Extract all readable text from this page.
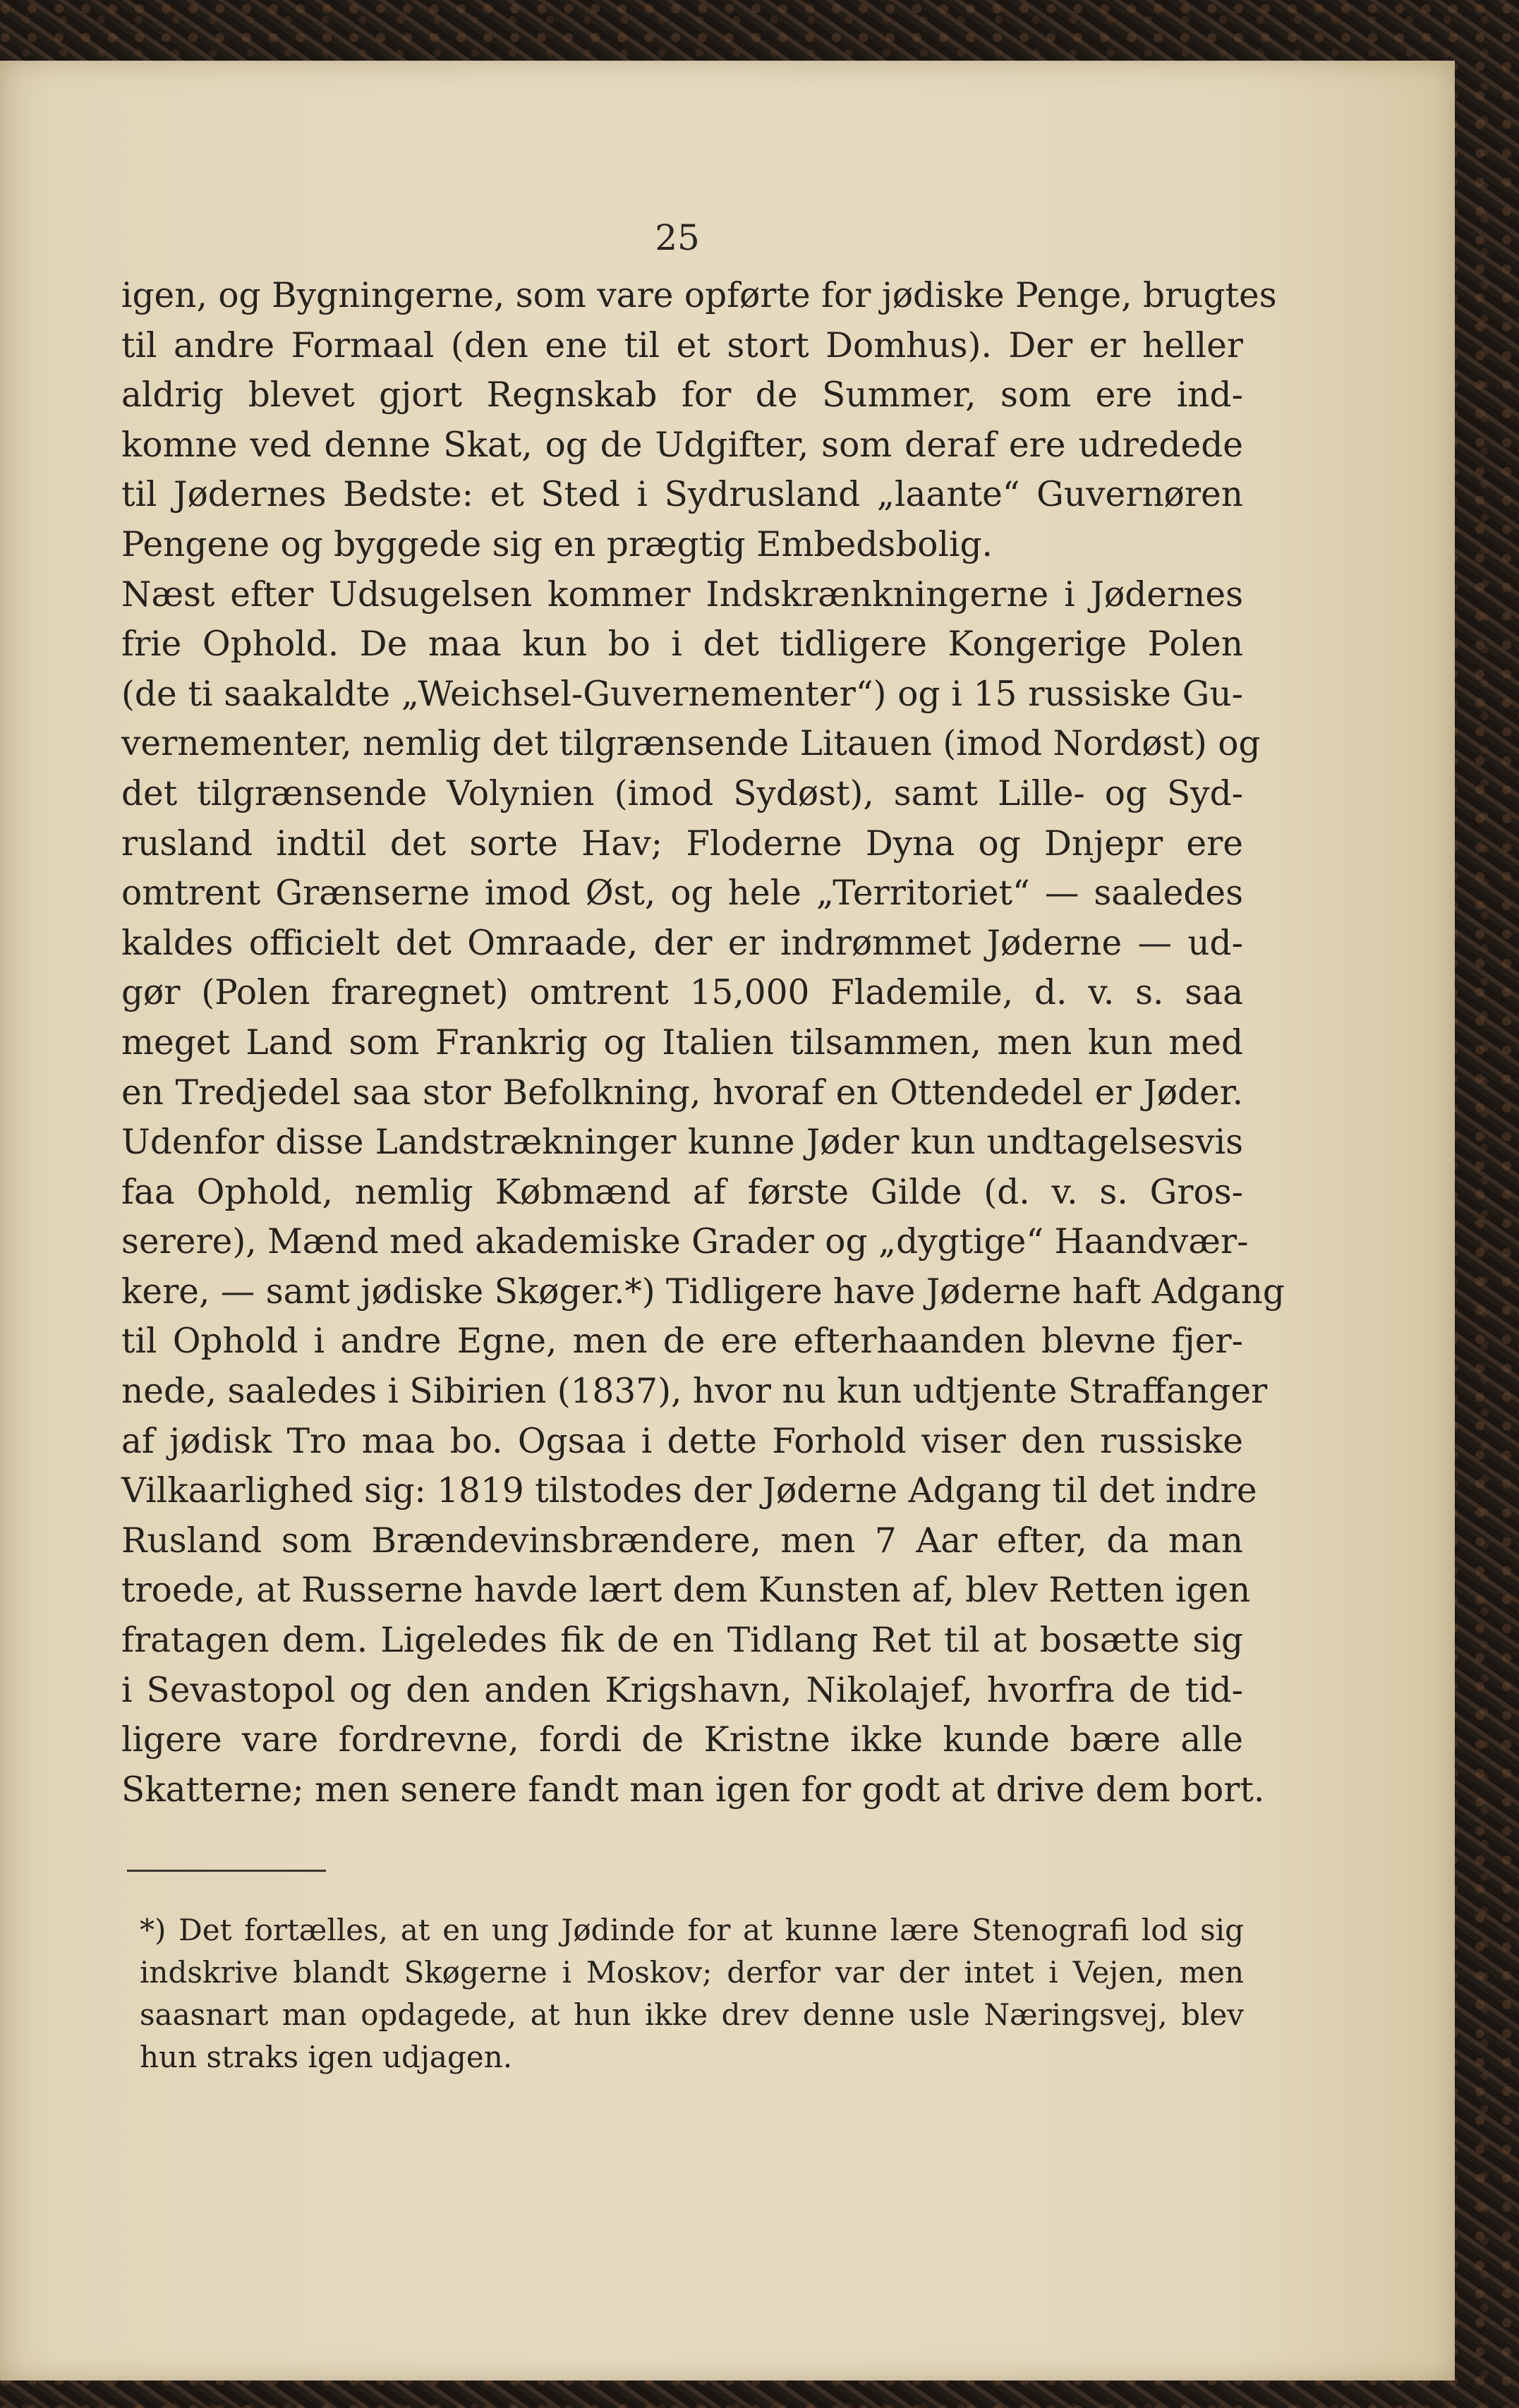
25
igen, og Bygningerne, som vare opførte for jødiske Penge, brugtes
til andre Formaal (den ene til et stort Domhus). Der er heller
aldrig blevet gjort Regnskab for de Summer, som ere ind-
komne ved denne Skat, og de Udgifter, som deraf ere udredede
til Jødernes Bedste: et Sted i Sydrusland „laante“ Guvernøren
Pengene og byggede sig en prægtig Embedsbolig.
Næst efter Udsugelsen kommer Indskrænkningerne i Jødernes
frie Ophold. De maa kun bo i det tidligere Kongerige Polen
(de ti saakaldte „Weichsel-Guvernementer“) og i 15 russiske Gu-
vernementer, nemlig det tilgrænsende Litauen (imod Nordøst) og
det tilgrænsende Volynien (imod Sydøst), samt Lille- og Syd-
rusland indtil det sorte Hav; Floderne Dyna og Dnjepr ere
omtrent Grænserne imod Øst, og hele „Territoriet“ — saaledes
kaldes officielt det Omraade, der er indrømmet Jøderne — ud-
gør (Polen fraregnet) omtrent 15,000 Flademile, d. v. s. saa
meget Land som Frankrig og Italien tilsammen, men kun med
en Tredjedel saa stor Befolkning, hvoraf en Ottendedel er Jøder.
Udenfor disse Landstrækninger kunne Jøder kun undtagelsesvis
faa Ophold, nemlig Købmænd af første Gilde (d. v. s. Gros-
serere), Mænd med akademiske Grader og „dygtige“ Haandvær-
kere, — samt jødiske Skøger.*) Tidligere have Jøderne haft Adgang
til Ophold i andre Egne, men de ere efterhaanden blevne fjer-
nede, saaledes i Sibirien (1837), hvor nu kun udtjente Straffanger
af jødisk Tro maa bo. Ogsaa i dette Forhold viser den russiske
Vilkaarlighed sig: 1819 tilstodes der Jøderne Adgang til det indre
Rusland som Brændevinsbrændere, men 7 Aar efter, da man
troede, at Russerne havde lært dem Kunsten af, blev Retten igen
fratagen dem. Ligeledes fik de en Tidlang Ret til at bosætte sig
i Sevastopol og den anden Krigshavn, Nikolajef, hvorfra de tid-
ligere vare fordrevne, fordi de Kristne ikke kunde bære alle
Skatterne; men senere fandt man igen for godt at drive dem bort.
*) Det fortælles, at en ung Jødinde for at kunne lære Stenografi lod sig
indskrive blandt Skøgerne i Moskov; derfor var der intet i Vejen, men
saasnart man opdagede, at hun ikke drev denne usle Næringsvej, blev
hun straks igen udjagen.
